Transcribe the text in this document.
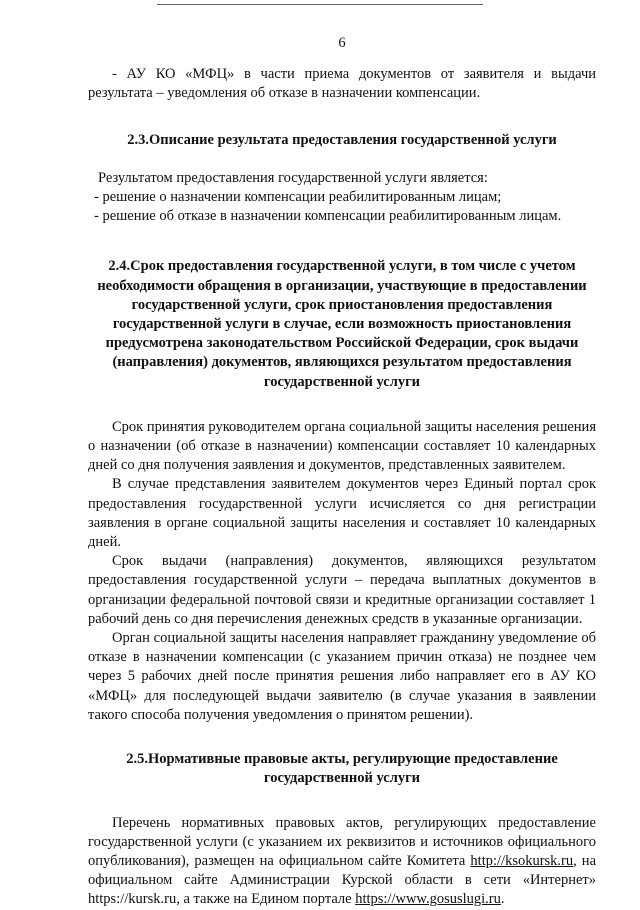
6

- АУ КО «МФЦ» в части приема документов от заявителя и выдачи результата – уведомления об отказе в назначении компенсации.

2.3.Описание результата предоставления государственной услуги

Результатом предоставления государственной услуги является:

- решение о назначении компенсации реабилитированным лицам;

- решение об отказе в назначении компенсации реабилитированным лицам.

2.4.Срок предоставления государственной услуги, в том числе с учетом необходимости обращения в организации, участвующие в предоставлении государственной услуги, срок приостановления предоставления государственной услуги в случае, если возможность приостановления предусмотрена законодательством Российской Федерации, срок выдачи (направления) документов, являющихся результатом предоставления государственной услуги

Срок принятия руководителем органа социальной защиты населения решения о назначении (об отказе в назначении) компенсации составляет 10 календарных дней со дня получения заявления и документов, представленных заявителем.

В случае представления заявителем документов через Единый портал срок предоставления государственной услуги исчисляется со дня регистрации заявления в органе социальной защиты населения и составляет 10 календарных дней.

Срок выдачи (направления) документов, являющихся результатом предоставления государственной услуги – передача выплатных документов в организации федеральной почтовой связи и кредитные организации составляет 1 рабочий день со дня перечисления денежных средств в указанные организации.

Орган социальной защиты населения направляет гражданину уведомление об отказе в назначении компенсации (с указанием причин отказа) не позднее чем через 5 рабочих дней после принятия решения либо направляет его в АУ КО «МФЦ» для последующей выдачи заявителю (в случае указания в заявлении такого способа получения уведомления о принятом решении).

2.5.Нормативные правовые акты, регулирующие предоставление государственной услуги

Перечень нормативных правовых актов, регулирующих предоставление государственной услуги (с указанием их реквизитов и источников официального опубликования), размещен на официальном сайте Комитета http://ksokursk.ru, на официальном сайте Администрации Курской области в сети «Интернет» https://kursk.ru, а также на Едином портале https://www.gosuslugi.ru.
